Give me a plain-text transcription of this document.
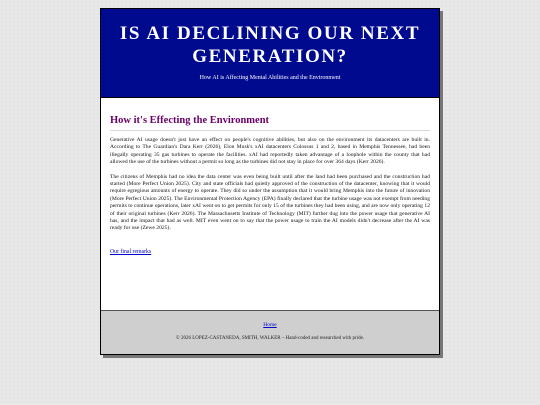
IS AI DECLINING OUR NEXT GENERATION?

How AI is Affecting Mental Abilities and the Environment

How it's Effecting the Environment

Generative AI usage doesn't just have an effect on people's cognitive abilities, but also on the environment its datacenters are built in. According to The Guardian's Dara Kerr (2026), Elon Musk's xAI datacenters Colossus 1 and 2, based in Memphis Tennessee, had been illegally operating 35 gas turbines to operate the facilities. xAI had reportedly taken advantage of a loophole within the county that had allowed the use of the turbines without a permit so long as the turbines did not stay in place for over 364 days (Kerr 2026).

The citizens of Memphis had no idea the data center was even being built until after the land had been purchased and the construction had started (More Perfect Union 2025). City and state officials had quietly approved of the construction of the datacenter, knowing that it would require egregious amounts of energy to operate. They did so under the assumption that it would bring Memphis into the future of innovation (More Perfect Union 2025). The Environmental Protection Agency (EPA) finally declared that the turbine usage was not exempt from needing permits to continue operations, later xAI went on to get permits for only 15 of the turbines they had been using, and are now only operating 12 of their original turbines (Kerr 2026). The Massachusetts Institute of Technology (MIT) further dug into the power usage that generative AI has, and the impact that had as well. MIT even went on to say that the power usage to train the AI models didn't decrease after the AI was ready for use (Zewe 2025).

Our final remarks
Home

© 2026 LOPEZ-CASTANEDA, SMITH, WALKER – Hand-coded and researched with pride.
